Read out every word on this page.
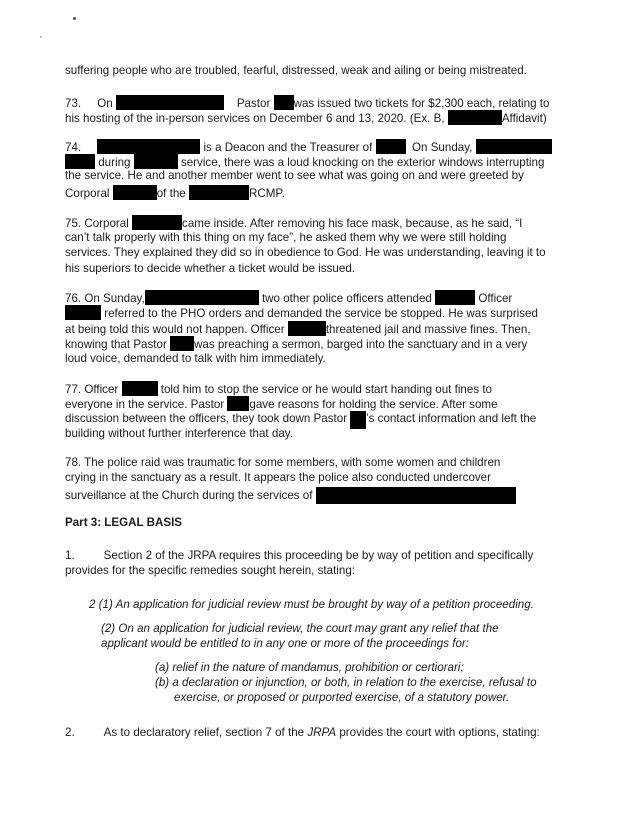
suffering people who are troubled, fearful, distressed, weak and ailing or being mistreated.
73. On	Pastor was issued two tickets for $2,300 each, relating to
his hosting of the in-person services on December 6 and 13, 2020. (Ex. B,	Affidavit)
74.	is a Deacon and the Treasurer of	On Sunday,
during	service, there was a loud knocking on the exterior windows interrupting
the service. He and another member went to see what was going on and were greeted by
Corporal	of the	RCMP.
75. Corporal	came inside. After removing his face mask, because, as he said, “I
can’t talk properly with this thing on my face”, he asked them why we were still holding
services. They explained they did so in obedience to God. He was understanding, leaving it to
his superiors to decide whether a ticket would be issued.
76. On Sunday,	two other police officers attended	Officer
referred to the PHO orders and demanded the service be stopped. He was surprised
at being told this would not happen. Officer	threatened jail and massive fines. Then,
knowing that Pastor was preaching a sermon, barged into the sanctuary and in a very
loud voice, demanded to talk with him immediately.
77. Officer	told him to stop the service or he would start handing out fines to
everyone in the service. Pastor gave reasons for holding the service. After some
discussion between the officers, they took down Pastor ’s contact information and left the
building without further interference that day.
78. The police raid was traumatic for some members, with some women and children
crying in the sanctuary as a result. It appears the police also conducted undercover
surveillance at the Church during the services of
Part 3: LEGAL BASIS
1.	Section 2 of the JRPA requires this proceeding be by way of petition and specifically
provides for the specific remedies sought herein, stating:
2 (1) An application for judicial review must be brought by way of a petition proceeding.
(2) On an application for judicial review, the court may grant any relief that the
applicant would be entitled to in any one or more of the proceedings for:
(a) relief in the nature of mandamus, prohibition or certiorari;
(b) a declaration or injunction, or both, in relation to the exercise, refusal to
exercise, or proposed or purported exercise, of a statutory power.
2.	As to declaratory relief, section 7 of the JRPA provides the court with options, stating:
